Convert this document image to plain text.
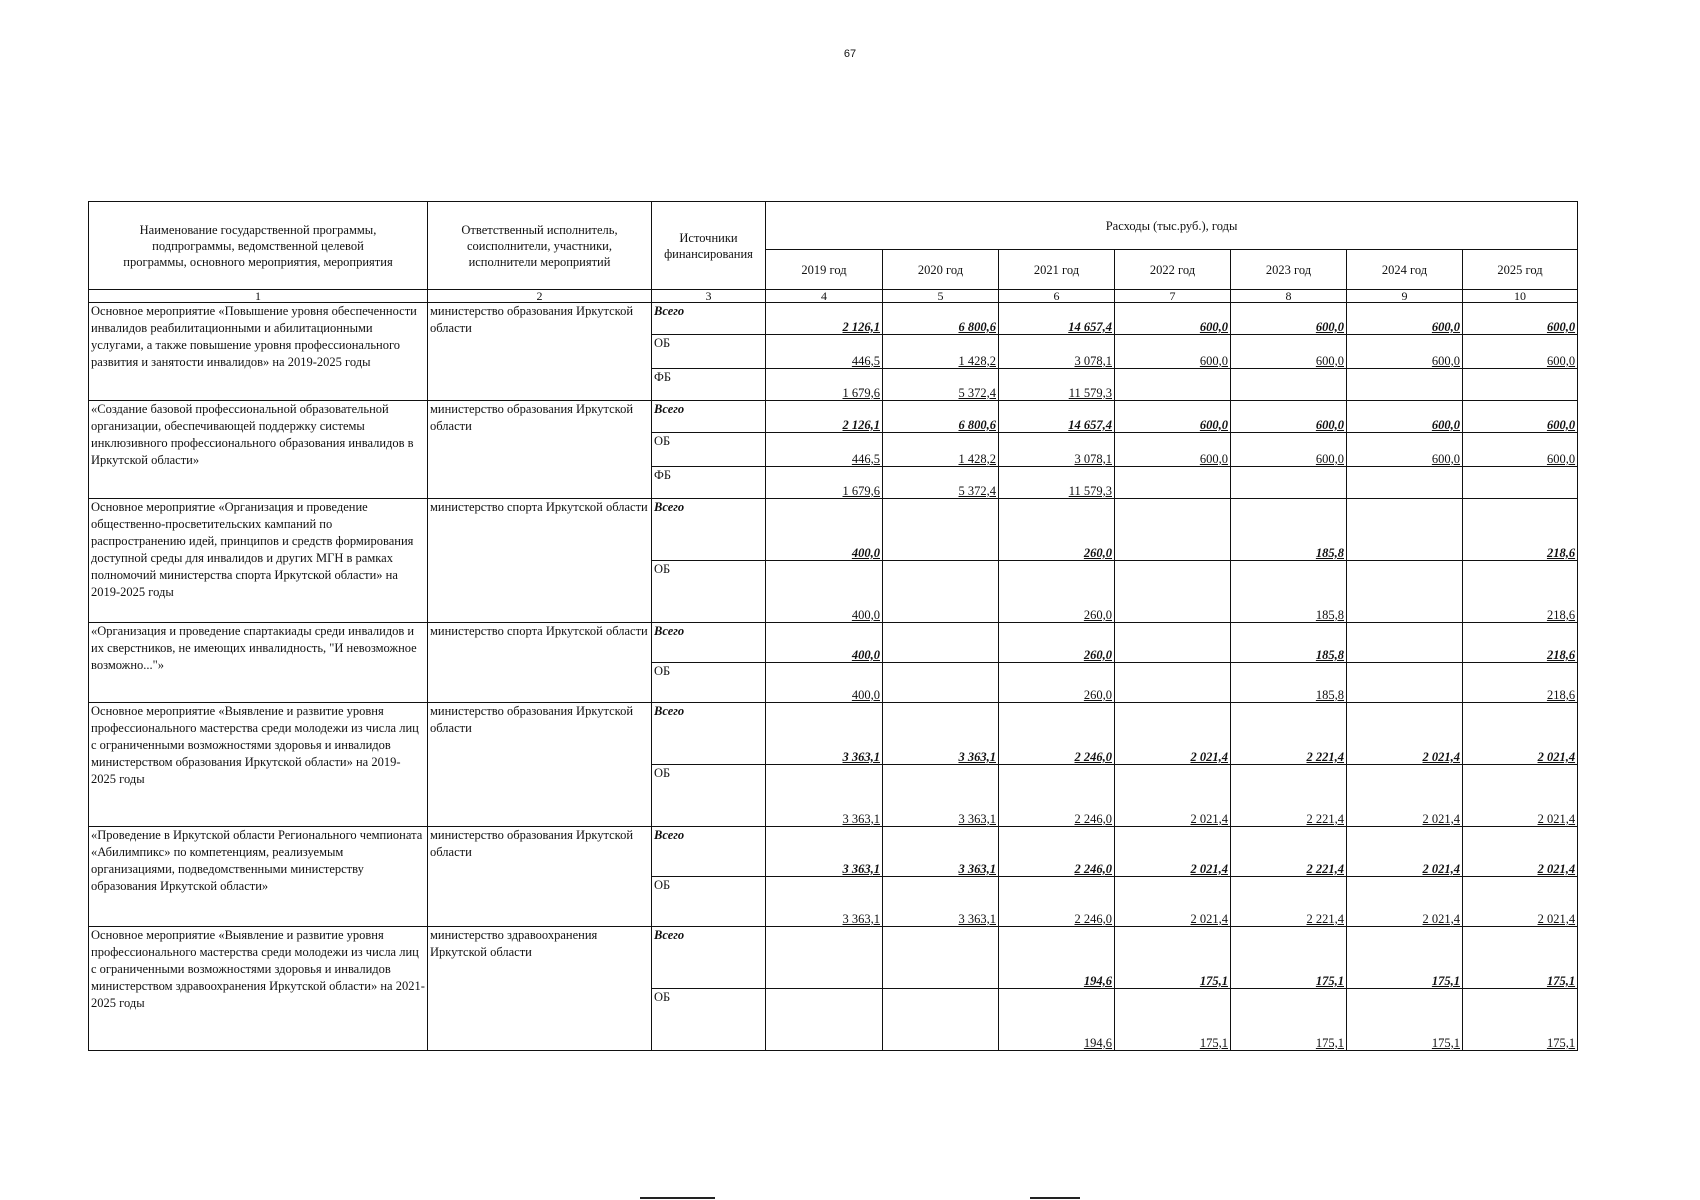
67
Наименование государственной программы, подпрограммы, ведомственной целевой программы, основного мероприятия, мероприятия	Ответственный исполнитель, соисполнители, участники, исполнители мероприятий	Источники финансирования	Расходы (тыс.руб.), годы						
			2019 год	2020 год	2021 год	2022 год	2023 год	2024 год	2025 год
1	2	3	4	5	6	7	8	9	10
Основное мероприятие «Повышение уровня обеспеченности инвалидов реабилитационными и абилитационными услугами, а также повышение уровня профессионального развития и занятости инвалидов» на 2019-2025 годы	министерство образования Иркутской области	Всего	2 126,1	6 800,6	14 657,4	600,0	600,0	600,0	600,0
		ОБ	446,5	1 428,2	3 078,1	600,0	600,0	600,0	600,0
		ФБ	1 679,6	5 372,4	11 579,3				
«Создание базовой профессиональной образовательной организации, обеспечивающей поддержку системы инклюзивного профессионального образования инвалидов в Иркутской области»	министерство образования Иркутской области	Всего	2 126,1	6 800,6	14 657,4	600,0	600,0	600,0	600,0
		ОБ	446,5	1 428,2	3 078,1	600,0	600,0	600,0	600,0
		ФБ	1 679,6	5 372,4	11 579,3				
Основное мероприятие «Организация и проведение общественно-просветительских кампаний по распространению идей, принципов и средств формирования доступной среды для инвалидов и других МГН в рамках полномочий министерства спорта Иркутской области» на 2019-2025 годы	министерство спорта Иркутской области	Всего	400,0		260,0		185,8		218,6
		ОБ	400,0		260,0		185,8		218,6
«Организация и проведение спартакиады среди инвалидов и их сверстников, не имеющих инвалидность, "И невозможное возможно..."»	министерство спорта Иркутской области	Всего	400,0		260,0		185,8		218,6
		ОБ	400,0		260,0		185,8		218,6
Основное мероприятие «Выявление и развитие уровня профессионального мастерства среди молодежи из числа лиц с ограниченными возможностями здоровья и инвалидов министерством образования Иркутской области» на 2019-2025 годы	министерство образования Иркутской области	Всего	3 363,1	3 363,1	2 246,0	2 021,4	2 221,4	2 021,4	2 021,4
		ОБ	3 363,1	3 363,1	2 246,0	2 021,4	2 221,4	2 021,4	2 021,4
«Проведение в Иркутской области Регионального чемпионата «Абилимпикс» по компетенциям, реализуемым организациями, подведомственными министерству образования Иркутской области»	министерство образования Иркутской области	Всего	3 363,1	3 363,1	2 246,0	2 021,4	2 221,4	2 021,4	2 021,4
		ОБ	3 363,1	3 363,1	2 246,0	2 021,4	2 221,4	2 021,4	2 021,4
Основное мероприятие «Выявление и развитие уровня профессионального мастерства среди молодежи из числа лиц с ограниченными возможностями здоровья и инвалидов министерством здравоохранения Иркутской области» на 2021-2025 годы	министерство здравоохранения Иркутской области	Всего			194,6	175,1	175,1	175,1	175,1
		ОБ			194,6	175,1	175,1	175,1	175,1
